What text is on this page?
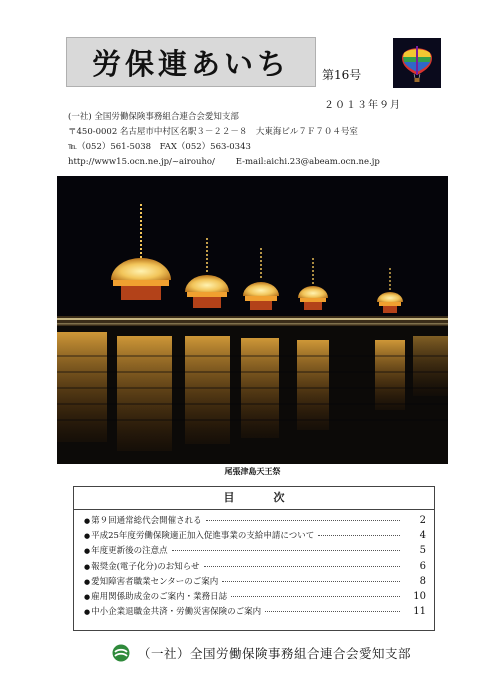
労保連あいち	第16号
２０１３年９月
(一社) 全国労働保険事務組合連合会愛知支部
〒450-0002 名古屋市中村区名駅３－２２－８　大東海ビル７Ｆ７０４号室
℡（052）561-5038　FAX（052）563-0343
http://www15.ocn.ne.jp/~airouho/ E-mail:aichi.23@abeam.ocn.ne.jp
尾張津島天王祭
目　次
● 第９回通常総代会開催される	2
● 平成25年度労働保険適正加入促進事業の支給申請について	4
● 年度更新後の注意点	5
● 報奨金(電子化分)のお知らせ	6
● 愛知障害者職業センターのご案内	8
● 雇用関係助成金のご案内・業務日誌	10
● 中小企業退職金共済・労働災害保険のご案内	11
（一社）全国労働保険事務組合連合会愛知支部
